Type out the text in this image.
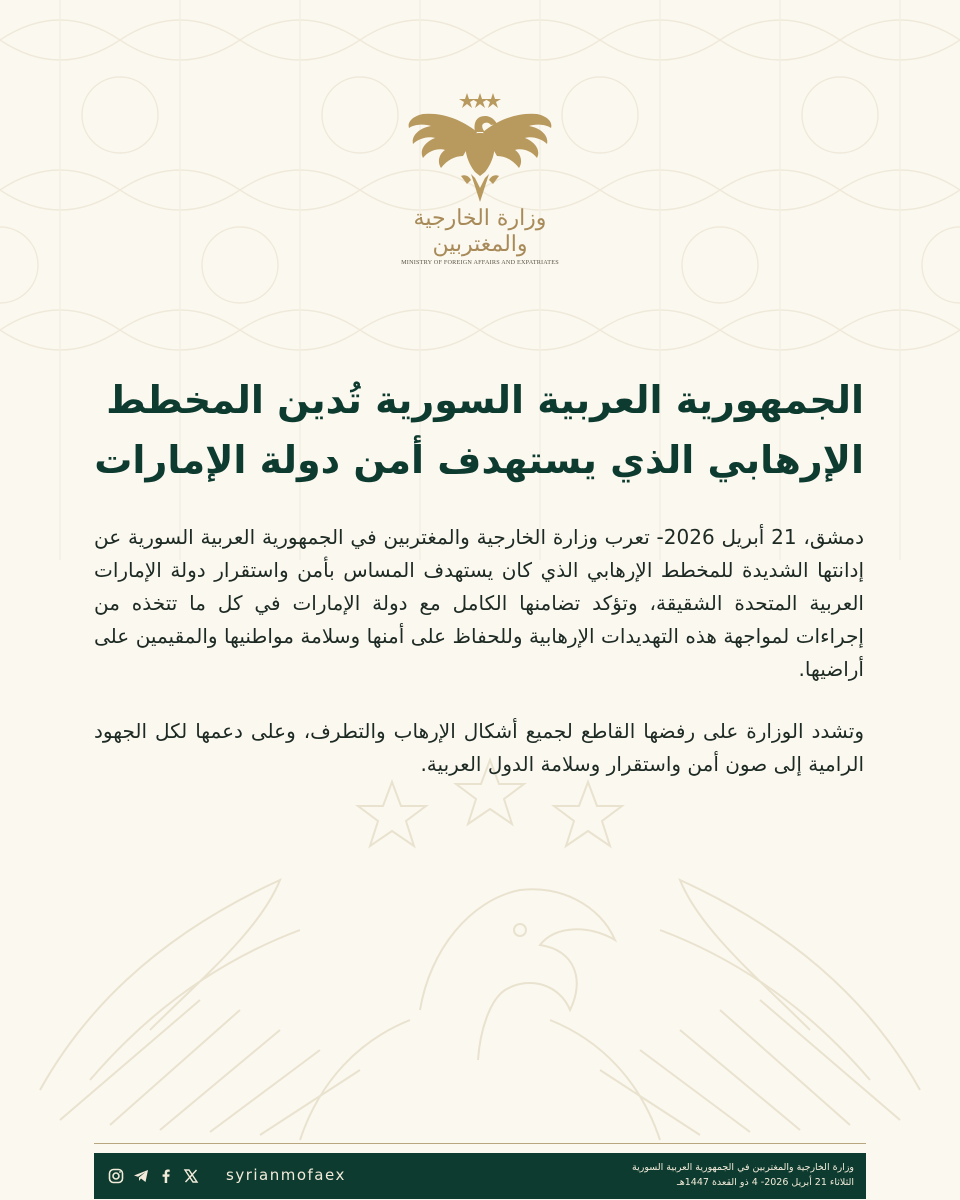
وزارة الخارجية والمغتربين
MINISTRY OF FOREIGN AFFAIRS AND EXPATRIATES
الجمهورية العربية السورية تُدين المخطط
الإرهابي الذي يستهدف أمن دولة الإمارات

دمشق، 21 أبريل 2026- تعرب وزارة الخارجية والمغتربين في الجمهورية العربية السورية عن إدانتها الشديدة للمخطط الإرهابي الذي كان يستهدف المساس بأمن واستقرار دولة الإمارات العربية المتحدة الشقيقة، وتؤكد تضامنها الكامل مع دولة الإمارات في كل ما تتخذه من إجراءات لمواجهة هذه التهديدات الإرهابية وللحفاظ على أمنها وسلامة مواطنيها والمقيمين على أراضيها.

وتشدد الوزارة على رفضها القاطع لجميع أشكال الإرهاب والتطرف، وعلى دعمها لكل الجهود الرامية إلى صون أمن واستقرار وسلامة الدول العربية.

syrianmofaex	وزارة الخارجية والمغتربين في الجمهورية العربية السورية
الثلاثاء 21 أبريل 2026- 4 ذو القعدة 1447هـ
